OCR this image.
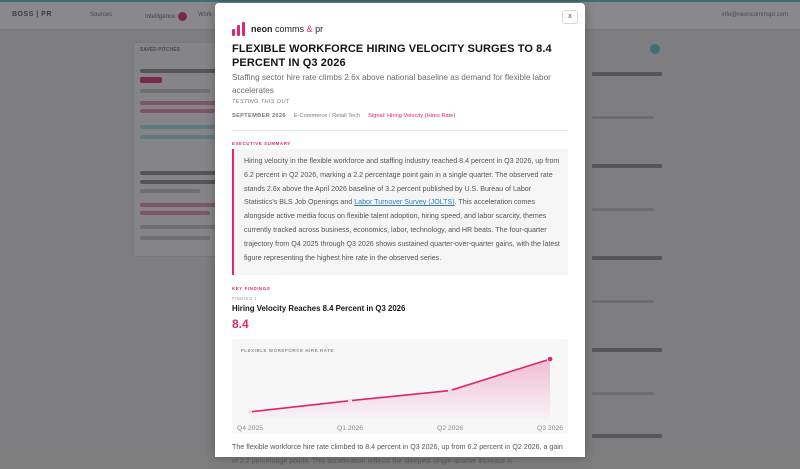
x
neon comms & pr
FLEXIBLE WORKFORCE HIRING VELOCITY SURGES TO 8.4 PERCENT IN Q3 2026
Staffing sector hire rate climbs 2.6x above national baseline as demand for flexible labor accelerates
TESTING THIS OUT
SEPTEMBER 2026 E-Commerce / Retail Tech Signal: Hiring Velocity (Hires Rate)
EXECUTIVE SUMMARY
Hiring velocity in the flexible workforce and staffing industry reached 8.4 percent in Q3 2026, up from 6.2 percent in Q2 2026, marking a 2.2 percentage point gain in a single quarter. The observed rate stands 2.6x above the April 2026 baseline of 3.2 percent published by U.S. Bureau of Labor Statistics's BLS Job Openings and Labor Turnover Survey (JOLTS). This acceleration comes alongside active media focus on flexible talent adoption, hiring speed, and labor scarcity, themes currently tracked across business, economics, labor, technology, and HR beats. The four-quarter trajectory from Q4 2025 through Q3 2026 shows sustained quarter-over-quarter gains, with the latest figure representing the highest hire rate in the observed series.
KEY FINDINGS
FINDING 1
Hiring Velocity Reaches 8.4 Percent in Q3 2026
8.4
FLEXIBLE WORKFORCE HIRE RATE
Q4 2025	Q1 2026	Q2 2026	Q3 2026
The flexible workforce hire rate climbed to 8.4 percent in Q3 2026, up from 6.2 percent in Q2 2026, a gain of 2.2 percentage points. This acceleration reflects the steepest single-quarter increase in
